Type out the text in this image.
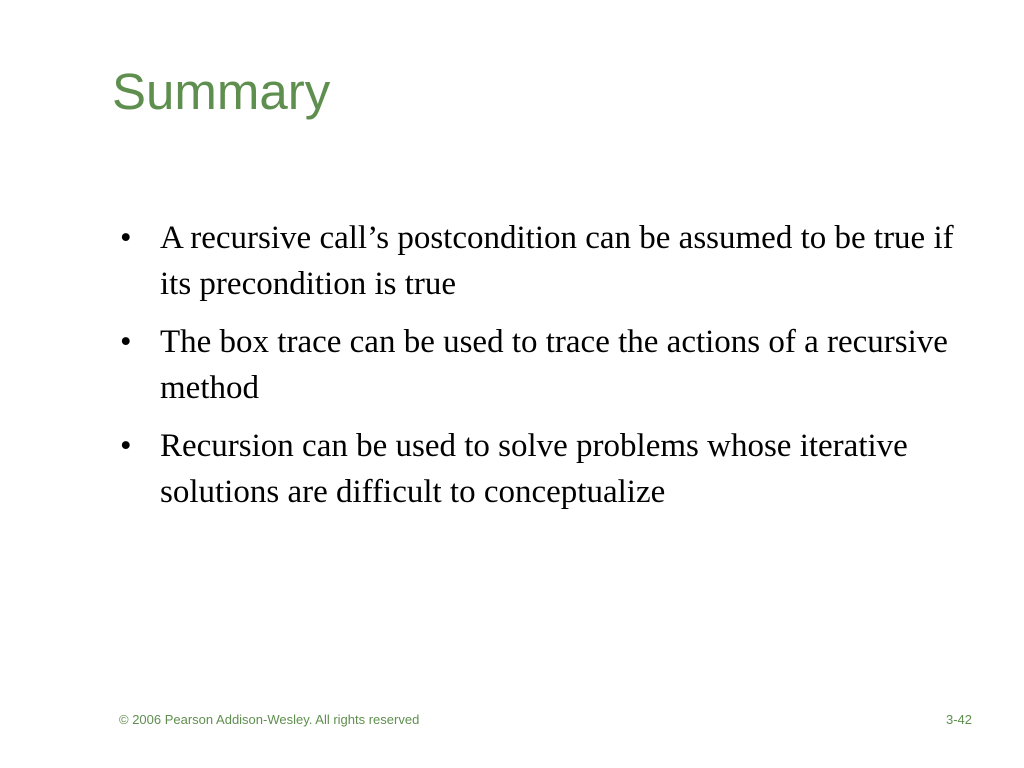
Summary
• A recursive call’s postcondition can be assumed to be true if its precondition is true
• The box trace can be used to trace the actions of a recursive method
• Recursion can be used to solve problems whose iterative solutions are difficult to conceptualize
© 2006 Pearson Addison-Wesley. All rights reserved	3-42
